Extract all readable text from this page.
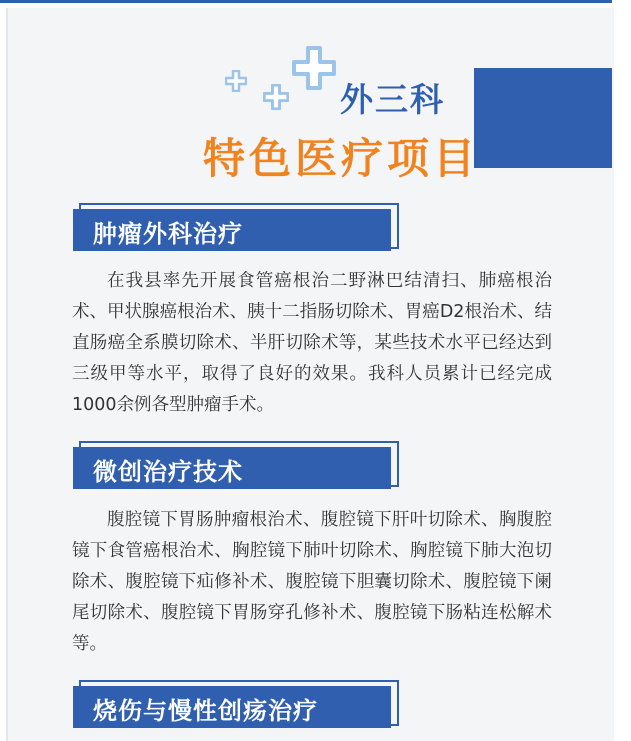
外三科
特色医疗项目
肿瘤外科治疗

在我县率先开展食管癌根治二野淋巴结清扫、肺癌根治术、甲状腺癌根治术、胰十二指肠切除术、胃癌D2根治术、结直肠癌全系膜切除术、半肝切除术等，某些技术水平已经达到三级甲等水平，取得了良好的效果。我科人员累计已经完成1000余例各型肿瘤手术。

微创治疗技术

腹腔镜下胃肠肿瘤根治术、腹腔镜下肝叶切除术、胸腹腔镜下食管癌根治术、胸腔镜下肺叶切除术、胸腔镜下肺大泡切除术、腹腔镜下疝修补术、腹腔镜下胆囊切除术、腹腔镜下阑尾切除术、腹腔镜下胃肠穿孔修补术、腹腔镜下肠粘连松解术等。

烧伤与慢性创疡治疗
